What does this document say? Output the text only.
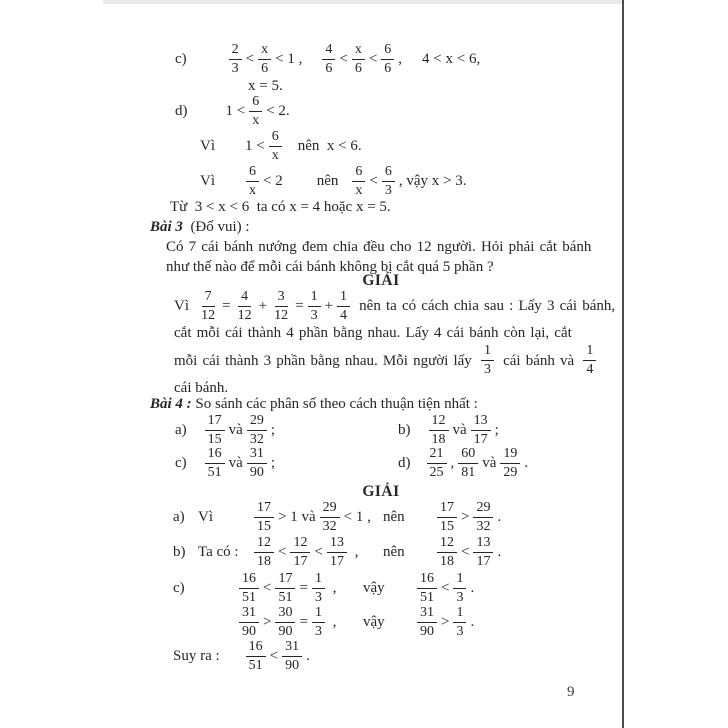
c)
2
3
<
x
6
< 1 ,
4
6
<
x
6
<
6
6
, 4 < x < 6,
x = 5.
d)	1 <
6
x
< 2.
Vì 1 <
6
x
nên  x < 6.
Vì
6
x
< 2 nên
6
x
<
6
3
, vậy x > 3.
Từ  3 < x < 6  ta có x = 4 hoặc x = 5.
Bài 3 (Đố vui) :
Có 7 cái bánh nướng đem chia đều cho 12 người. Hỏi phải cắt bánh
như thế nào để mỗi cái bánh không bị cắt quá 5 phần ?
GIẢI
Vì $\frac{7}{12} = \frac{4}{12} + \frac{3}{12} = \frac{1}{3} + \frac{1}{4}$ nên ta có cách chia sau : Lấy 3 cái bánh,
cắt mỗi cái thành 4 phần bằng nhau. Lấy 4 cái bánh còn lại, cắt
mỗi cái thành 3 phần bằng nhau. Mỗi người lấy
1
3
cái bánh và
1
4
cái bánh.
Bài 4 : So sánh các phân số theo cách thuận tiện nhất :
a)
17
15
và
29
32
;	b)
12
18
và
13
17
;
c)
16
51
và
31
90
;	d)
21
25
,
60
81
và
19
29
.
GIẢI
a) Vì
17
15
> 1 và
29
32
< 1 , nên
17
15
>
29
32
.
b) Ta có :
12
18
<
12
17
<
13
17
, nên
12
18
<
13
17
.
c)
16
51
< $\frac{17}{51} = \frac{1}{3}$ , vậy
16
51
<
1
3
.
31
90
> $\frac{30}{90} = \frac{1}{3}$ , vậy
31
90
>
1
3
.
Suy ra :
16
51
<
31
90
.
9
